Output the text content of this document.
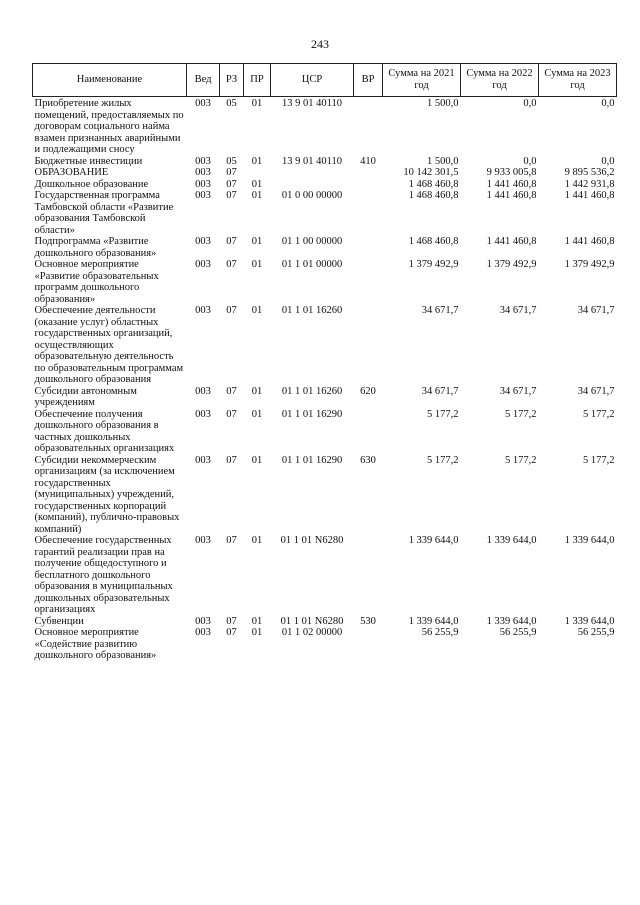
243
Наименование	Вед	РЗ	ПР	ЦСР	ВР	Сумма на 2021 год	Сумма на 2022 год	Сумма на 2023 год
Приобретение жилых помещений, предоставляемых по договорам социального найма взамен признанных аварийными и подлежащими сносу	003	05	01	13 9 01 40110		1 500,0	0,0	0,0
Бюджетные инвестиции	003	05	01	13 9 01 40110	410	1 500,0	0,0	0,0
ОБРАЗОВАНИЕ	003	07				10 142 301,5	9 933 005,8	9 895 536,2
Дошкольное образование	003	07	01			1 468 460,8	1 441 460,8	1 442 931,8
Государственная программа Тамбовской области «Развитие образования Тамбовской области»	003	07	01	01 0 00 00000		1 468 460,8	1 441 460,8	1 441 460,8
Подпрограмма «Развитие дошкольного образования»	003	07	01	01 1 00 00000		1 468 460,8	1 441 460,8	1 441 460,8
Основное мероприятие «Развитие образовательных программ дошкольного образования»	003	07	01	01 1 01 00000		1 379 492,9	1 379 492,9	1 379 492,9
Обеспечение деятельности (оказание услуг) областных государственных организаций, осуществляющих образовательную деятельность по образовательным программам дошкольного образования	003	07	01	01 1 01 16260		34 671,7	34 671,7	34 671,7
Субсидии автономным учреждениям	003	07	01	01 1 01 16260	620	34 671,7	34 671,7	34 671,7
Обеспечение получения дошкольного образования в частных дошкольных образовательных организациях	003	07	01	01 1 01 16290		5 177,2	5 177,2	5 177,2
Субсидии некоммерческим организациям (за исключением государственных (муниципальных) учреждений, государственных корпораций (компаний), публично-правовых компаний)	003	07	01	01 1 01 16290	630	5 177,2	5 177,2	5 177,2
Обеспечение государственных гарантий реализации прав на получение общедоступного и бесплатного дошкольного образования в муниципальных дошкольных образовательных организациях	003	07	01	01 1 01 N6280		1 339 644,0	1 339 644,0	1 339 644,0
Субвенции	003	07	01	01 1 01 N6280	530	1 339 644,0	1 339 644,0	1 339 644,0
Основное мероприятие «Содействие развитию дошкольного образования»	003	07	01	01 1 02 00000		56 255,9	56 255,9	56 255,9
